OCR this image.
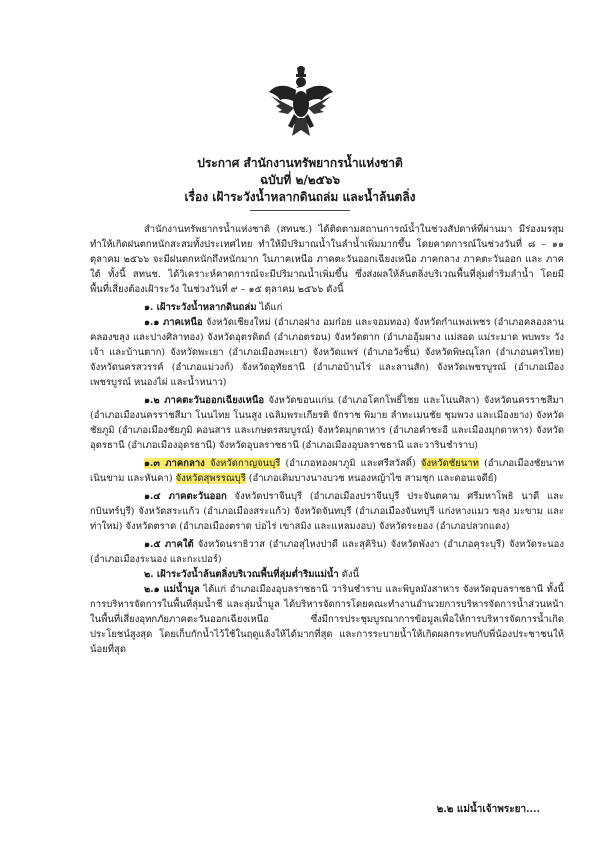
ประกาศ สำนักงานทรัพยากรน้ำแห่งชาติ
ฉบับที่ ๒/๒๕๖๖
เรื่อง เฝ้าระวังน้ำหลากดินถล่ม และน้ำล้นตลิ่ง

สำนักงานทรัพยากรน้ำแห่งชาติ (สทนช.) ได้ติดตามสถานการณ์น้ำในช่วงสัปดาห์ที่ผ่านมา มีร่องมรสุมทำให้เกิดฝนตกหนักสะสมทั้งประเทศไทย ทำให้มีปริมาณน้ำในลำน้ำเพิ่มมากขึ้น โดยคาดการณ์ในช่วงวันที่ ๘ – ๑๑ ตุลาคม ๒๕๖๖ จะมีฝนตกหนักถึงหนักมาก ในภาคเหนือ ภาคตะวันออกเฉียงเหนือ ภาคกลาง ภาคตะวันออก และ ภาคใต้ ทั้งนี้ สทนช. ได้วิเคราะห์คาดการณ์จะมีปริมาณน้ำเพิ่มขึ้น ซึ่งส่งผลให้ล้นตลิ่งบริเวณพื้นที่ลุ่มต่ำริมลำน้ำ โดยมี พื้นที่เสี่ยงต้องเฝ้าระวัง ในช่วงวันที่ ๙ – ๑๕ ตุลาคม ๒๕๖๖ ดังนี้

๑. เฝ้าระวังน้ำหลากดินถล่ม ได้แก่

๑.๑ ภาคเหนือ จังหวัดเชียงใหม่ (อำเภอฝาง อมก๋อย และจอมทอง) จังหวัดกำแพงเพชร (อำเภอคลองลาน คลองขลุง และปางศิลาทอง) จังหวัดอุตรดิตถ์ (อำเภอตรอน) จังหวัดตาก (อำเภออุ้มผาง แม่สอด แม่ระมาด พบพระ วังเจ้า และบ้านตาก) จังหวัดพะเยา (อำเภอเมืองพะเยา) จังหวัดแพร่ (อำเภอวังชิ้น) จังหวัดพิษณุโลก (อำเภอนครไทย) จังหวัดนครสวรรค์ (อำเภอแม่วงก์) จังหวัดอุทัยธานี (อำเภอบ้านไร่ และลานสัก) จังหวัดเพชรบูรณ์ (อำเภอเมืองเพชรบูรณ์ หนองไผ่ และน้ำหนาว)

๑.๒ ภาคตะวันออกเฉียงเหนือ จังหวัดขอนแก่น (อำเภอโคกโพธิ์ไชย และโนนศิลา) จังหวัดนครราชสีมา (อำเภอเมืองนครราชสีมา โนนไทย โนนสูง เฉลิมพระเกียรติ จักราช พิมาย ลำทะเมนชัย ชุมพวง และเมืองยาง) จังหวัดชัยภูมิ (อำเภอเมืองชัยภูมิ คอนสาร และเกษตรสมบูรณ์) จังหวัดมุกดาหาร (อำเภอคำชะอี และเมืองมุกดาหาร) จังหวัดอุดรธานี (อำเภอเมืองอุดรธานี) จังหวัดอุบลราชธานี (อำเภอเมืองอุบลราชธานี และวารินชำราบ)

๑.๓ ภาคกลาง จังหวัดกาญจนบุรี (อำเภอทองผาภูมิ และศรีสวัสดิ์) จังหวัดชัยนาท (อำเภอเมืองชัยนาท เนินขาม และหันคา) จังหวัดสุพรรณบุรี (อำเภอเดิมบางนางบวช หนองหญ้าไซ สามชุก และดอนเจดีย์)

๑.๔ ภาคตะวันออก จังหวัดปราจีนบุรี (อำเภอเมืองปราจีนบุรี ประจันตคาม ศรีมหาโพธิ นาดี และกบินทร์บุรี) จังหวัดสระแก้ว (อำเภอเมืองสระแก้ว) จังหวัดจันทบุรี (อำเภอเมืองจันทบุรี แก่งหางแมว ขลุง มะขาม และท่าใหม่) จังหวัดตราด (อำเภอเมืองตราด บ่อไร่ เขาสมิง และแหลมงอบ) จังหวัดระยอง (อำเภอปลวกแดง)

๑.๕ ภาคใต้ จังหวัดนราธิวาส (อำเภอสุไหงปาดี และสุคิริน) จังหวัดพังงา (อำเภอคุระบุรี) จังหวัดระนอง (อำเภอเมืองระนอง และกะเปอร์)

๒. เฝ้าระวังน้ำล้นตลิ่งบริเวณพื้นที่ลุ่มต่ำริมแม่น้ำ ดังนี้

๒.๑ แม่น้ำมูล ได้แก่ อำเภอเมืองอุบลราชธานี วารินชำราบ และพิบูลมังสาหาร จังหวัดอุบลราชธานี ทั้งนี้การบริหารจัดการในพื้นที่ลุ่มน้ำชี และลุ่มน้ำมูล ได้บริหารจัดการโดยคณะทำงานอำนวยการบริหารจัดการน้ำส่วนหน้าในพื้นที่เสี่ยงอุทกภัยภาคตะวันออกเฉียงเหนือ ซึ่งมีการประชุมบูรณาการข้อมูลเพื่อให้การบริหารจัดการน้ำเกิดประโยชน์สูงสุด โดยเก็บกักน้ำไว้ใช้ในฤดูแล้งให้ได้มากที่สุด และการระบายน้ำให้เกิดผลกระทบกับพี่น้องประชาชนให้น้อยที่สุด

๒.๒ แม่น้ำเจ้าพระยา....
